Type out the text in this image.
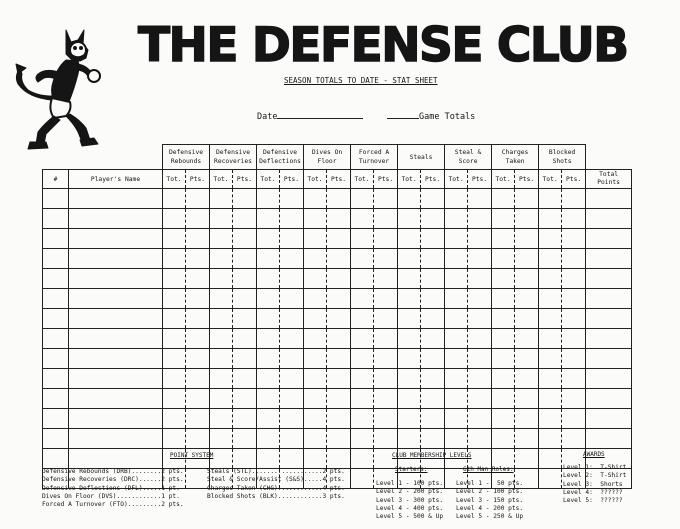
THE DEFENSE CLUB
SEASON TOTALS TO DATE - STAT SHEET
Date	Game Totals
		Defensive Rebounds		Defensive Recoveries		Defensive Deflections		Dives On Floor		Forced A Turnover		Steals		Steal & Score		Charges Taken		Blocked Shots		
#	Player's Name	Tot.	Pts.	Tot.	Pts.	Tot.	Pts.	Tot.	Pts.	Tot.	Pts.	Tot.	Pts.	Tot.	Pts.	Tot.	Pts.	Tot.	Pts.	Total Points

POINT SYSTEM
Defensive Rebounds (DRB)........2 pts.
Defensive Recoveries (DRC)......2 pts.
Defensive Deflections (DFL).....1 pt.
Dives On Floor (DVS)............1 pt.
Forced A Turnover (FTO).........2 pts.
Steals (STL)...................2 pts.
Steal & Score/Assist (S&S).....4 pts.
Charges Taken (CHG)............4 pts.
Blocked Shots (BLK)............3 pts.
CLUB MEMBERSHIP LEVELS
Starters:	6th Man Roles:
Level 1 - 100 pts.
Level 2 - 200 pts.
Level 3 - 300 pts.
Level 4 - 400 pts.
Level 5 - 500 & Up
Level 1 -  50 pts.
Level 2 - 100 pts.
Level 3 - 150 pts.
Level 4 - 200 pts.
Level 5 - 250 & Up
AWARDS
Level 1:  T-Shirt
Level 2:  T-Shirt
Level 3:  Shorts
Level 4:  ??????
Level 5:  ??????
